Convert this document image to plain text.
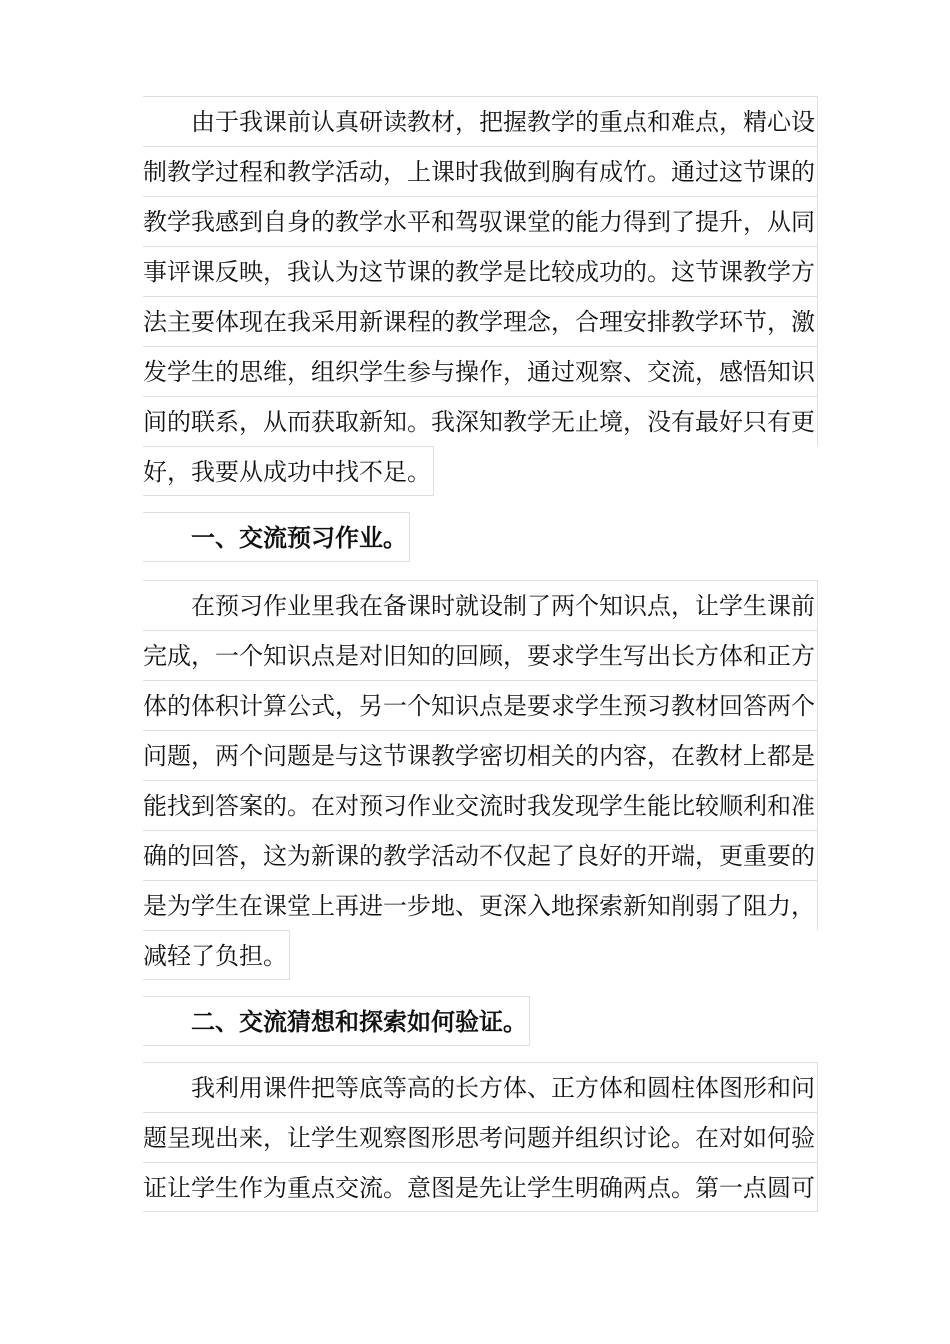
由于我课前认真研读教材，把握教学的重点和难点，精心设
制教学过程和教学活动，上课时我做到胸有成竹。通过这节课的
教学我感到自身的教学水平和驾驭课堂的能力得到了提升，从同
事评课反映，我认为这节课的教学是比较成功的。这节课教学方
法主要体现在我采用新课程的教学理念，合理安排教学环节，激
发学生的思维，组织学生参与操作，通过观察、交流，感悟知识
间的联系，从而获取新知。我深知教学无止境，没有最好只有更
好，我要从成功中找不足。
一、交流预习作业。
在预习作业里我在备课时就设制了两个知识点，让学生课前
完成，一个知识点是对旧知的回顾，要求学生写出长方体和正方
体的体积计算公式，另一个知识点是要求学生预习教材回答两个
问题，两个问题是与这节课教学密切相关的内容，在教材上都是
能找到答案的。在对预习作业交流时我发现学生能比较顺利和准
确的回答，这为新课的教学活动不仅起了良好的开端，更重要的
是为学生在课堂上再进一步地、更深入地探索新知削弱了阻力，
减轻了负担。
二、交流猜想和探索如何验证。
我利用课件把等底等高的长方体、正方体和圆柱体图形和问
题呈现出来，让学生观察图形思考问题并组织讨论。在对如何验
证让学生作为重点交流。意图是先让学生明确两点。第一点圆可
